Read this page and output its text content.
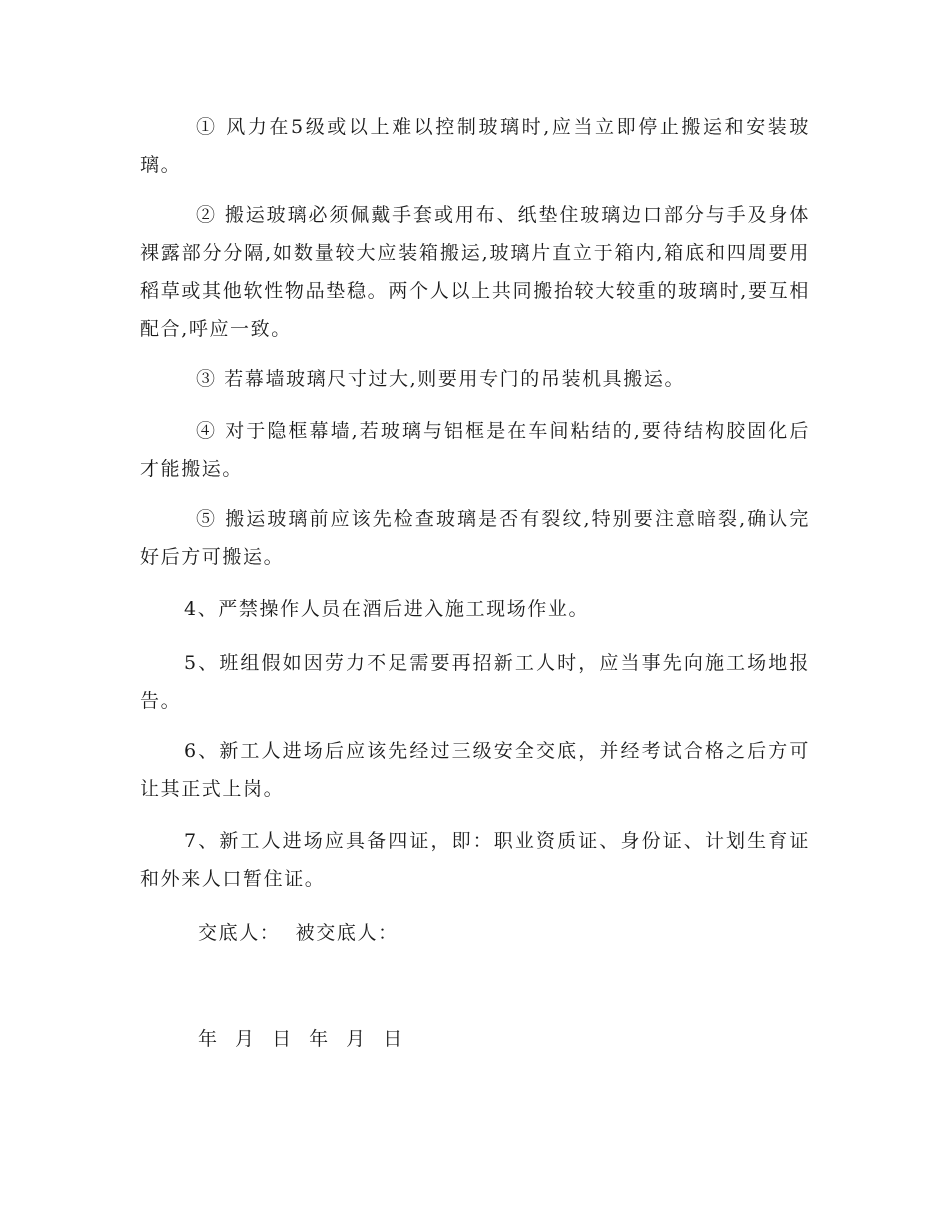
① 风力在5级或以上难以控制玻璃时,应当立即停止搬运和安装玻璃。

② 搬运玻璃必须佩戴手套或用布、纸垫住玻璃边口部分与手及身体裸露部分分隔,如数量较大应装箱搬运,玻璃片直立于箱内,箱底和四周要用稻草或其他软性物品垫稳。两个人以上共同搬抬较大较重的玻璃时,要互相配合,呼应一致。

③ 若幕墙玻璃尺寸过大,则要用专门的吊装机具搬运。

④ 对于隐框幕墙,若玻璃与铝框是在车间粘结的,要待结构胶固化后才能搬运。

⑤ 搬运玻璃前应该先检查玻璃是否有裂纹,特别要注意暗裂,确认完好后方可搬运。

4、严禁操作人员在酒后进入施工现场作业。

5、班组假如因劳力不足需要再招新工人时，应当事先向施工场地报告。

6、新工人进场后应该先经过三级安全交底，并经考试合格之后方可让其正式上岗。

7、新工人进场应具备四证，即：职业资质证、身份证、计划生育证和外来人口暂住证。

交底人：  被交底人：
年 月 日 年 月 日
